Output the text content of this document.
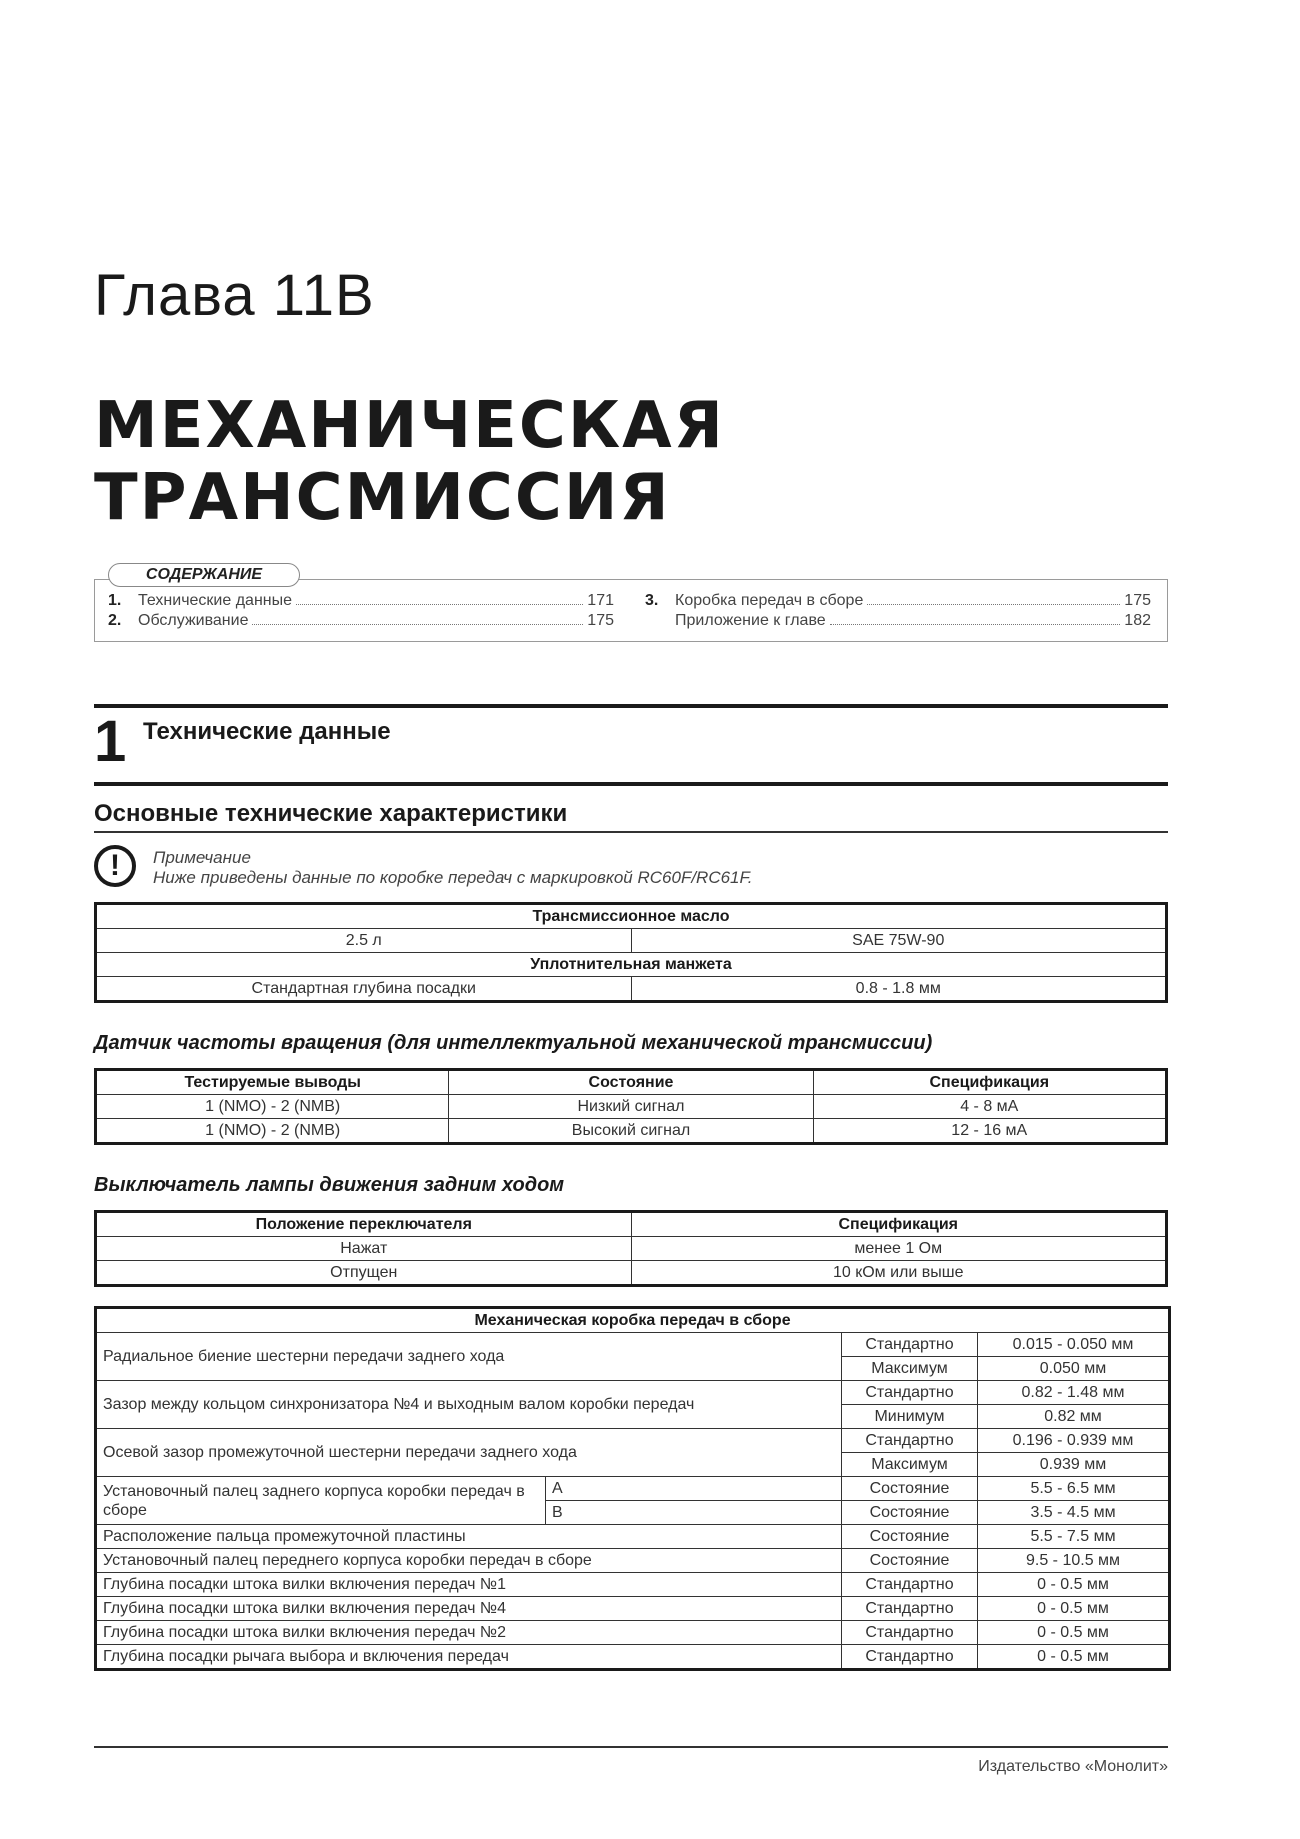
Глава 11B
МЕХАНИЧЕСКАЯ
ТРАНСМИССИЯ
СОДЕРЖАНИЕ
1.	Технические данные	171
2.	Обслуживание	175
3.	Коробка передач в сборе	175
Приложение к главе	182
1 Технические данные
Основные технические характеристики
!	Примечание
Ниже приведены данные по коробке передач с маркировкой RC60F/RC61F.
Трансмиссионное масло	
2.5 л	SAE 75W-90
Уплотнительная манжета	
Стандартная глубина посадки	0.8 - 1.8 мм
Датчик частоты вращения (для интеллектуальной механической трансмиссии)
Тестируемые выводы	Состояние	Спецификация
1 (NMO) - 2 (NMB)	Низкий сигнал	4 - 8 мА
1 (NMO) - 2 (NMB)	Высокий сигнал	12 - 16 мА
Выключатель лампы движения задним ходом
Положение переключателя	Спецификация
Нажат	менее 1 Ом
Отпущен	10 кОм или выше
Механическая коробка передач в сборе			
Радиальное биение шестерни передачи заднего хода		Стандартно	0.015 - 0.050 мм
		Максимум	0.050 мм
Зазор между кольцом синхронизатора №4 и выходным валом коробки передач		Стандартно	0.82 - 1.48 мм
		Минимум	0.82 мм
Осевой зазор промежуточной шестерни передачи заднего хода		Стандартно	0.196 - 0.939 мм
		Максимум	0.939 мм
Установочный палец заднего корпуса коробки передач в сборе	A	Состояние	5.5 - 6.5 мм
	B	Состояние	3.5 - 4.5 мм
Расположение пальца промежуточной пластины		Состояние	5.5 - 7.5 мм
Установочный палец переднего корпуса коробки передач в сборе		Состояние	9.5 - 10.5 мм
Глубина посадки штока вилки включения передач №1		Стандартно	0 - 0.5 мм
Глубина посадки штока вилки включения передач №4		Стандартно	0 - 0.5 мм
Глубина посадки штока вилки включения передач №2		Стандартно	0 - 0.5 мм
Глубина посадки рычага выбора и включения передач		Стандартно	0 - 0.5 мм
Издательство «Монолит»
